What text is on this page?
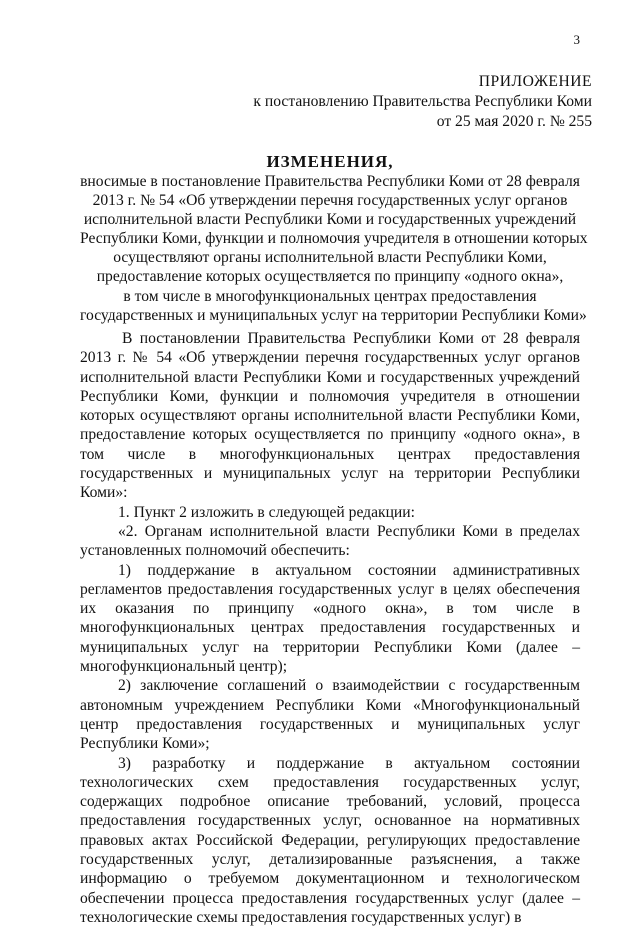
3
ПРИЛОЖЕНИЕ
к постановлению Правительства Республики Коми
от 25 мая 2020 г. № 255
ИЗМЕНЕНИЯ,
вносимые в постановление Правительства Республики Коми от 28 февраля
2013 г. № 54 «Об утверждении перечня государственных услуг органов
исполнительной власти Республики Коми и государственных учреждений
Республики Коми, функции и полномочия учредителя в отношении которых
осуществляют органы исполнительной власти Республики Коми,
предоставление которых осуществляется по принципу «одного окна»,
в том числе в многофункциональных центрах предоставления
государственных и муниципальных услуг на территории Республики Коми»

В постановлении Правительства Республики Коми от 28 февраля 2013 г. № 54 «Об утверждении перечня государственных услуг органов исполнительной власти Республики Коми и государственных учреждений Республики Коми, функции и полномочия учредителя в отношении которых осуществляют органы исполнительной власти Республики Коми, предоставление которых осуществляется по принципу «одного окна», в том числе в многофункциональных центрах предоставления государственных и муниципальных услуг на территории Республики Коми»:

1. Пункт 2 изложить в следующей редакции:

«2. Органам исполнительной власти Республики Коми в пределах установленных полномочий обеспечить:

1) поддержание в актуальном состоянии административных регламентов предоставления государственных услуг в целях обеспечения их оказания по принципу «одного окна», в том числе в многофункциональных центрах предоставления государственных и муниципальных услуг на территории Республики Коми (далее – многофункциональный центр);

2) заключение соглашений о взаимодействии с государственным автономным учреждением Республики Коми «Многофункциональный центр предоставления государственных и муниципальных услуг Республики Коми»;

3) разработку и поддержание в актуальном состоянии технологических схем предоставления государственных услуг, содержащих подробное описание требований, условий, процесса предоставления государственных услуг, основанное на нормативных правовых актах Российской Федерации, регулирующих предоставление государственных услуг, детализированные разъяснения, а также информацию о требуемом документационном и технологическом обеспечении процесса предоставления государственных услуг (далее – технологические схемы предоставления государственных услуг) в
